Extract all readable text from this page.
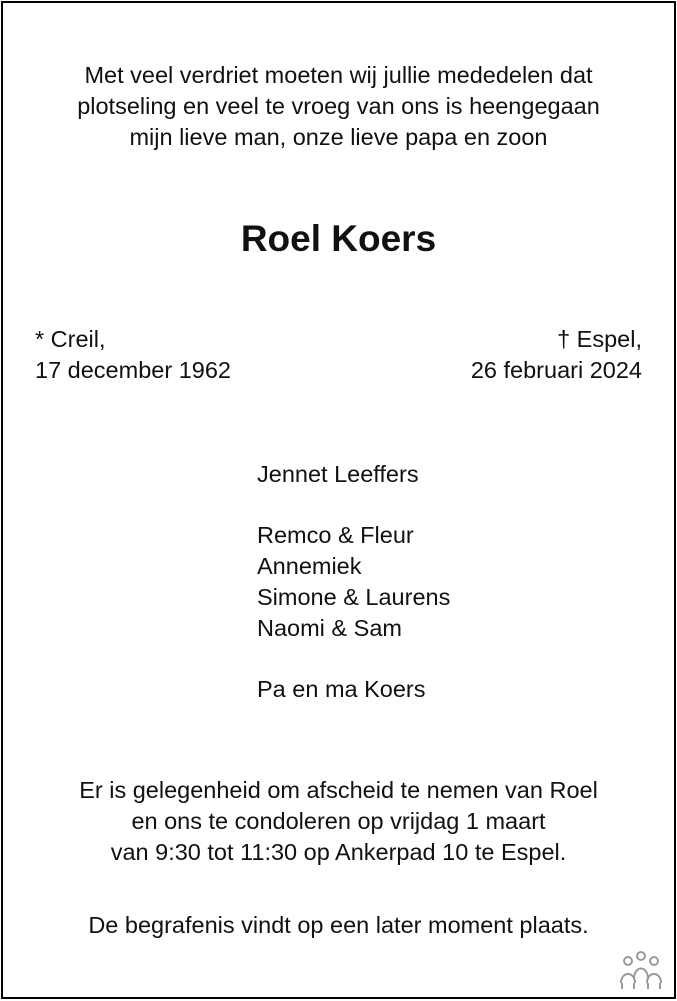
Met veel verdriet moeten wij jullie mededelen dat
plotseling en veel te vroeg van ons is heengegaan
mijn lieve man, onze lieve papa en zoon
Roel Koers
* Creil,
17 december 1962
† Espel,
26 februari 2024
Jennet Leeffers
Remco & Fleur
Annemiek
Simone & Laurens
Naomi & Sam
Pa en ma Koers
Er is gelegenheid om afscheid te nemen van Roel
en ons te condoleren op vrijdag 1 maart
van 9:30 tot 11:30 op Ankerpad 10 te Espel.
De begrafenis vindt op een later moment plaats.
